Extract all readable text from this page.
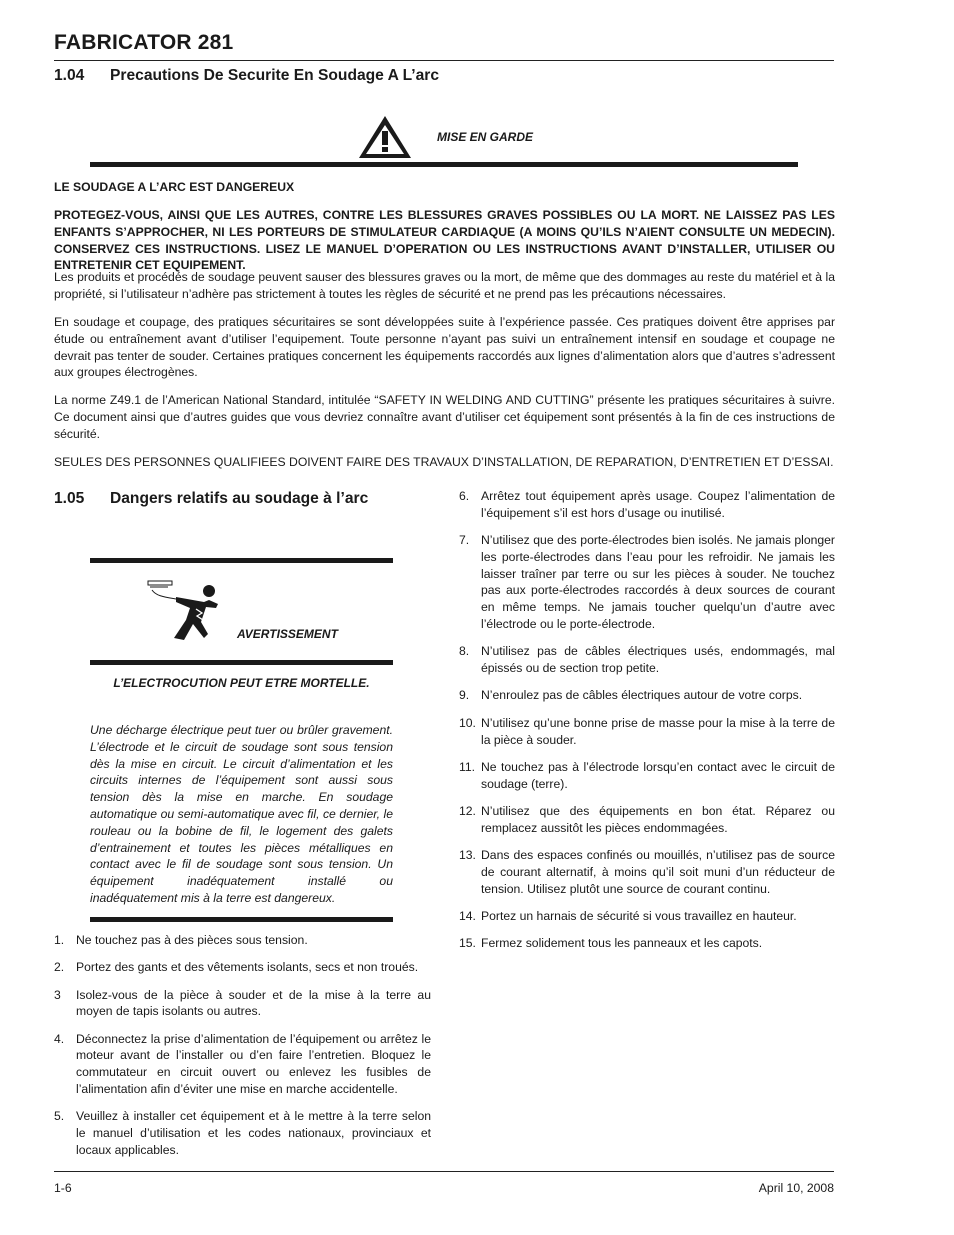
FABRICATOR 281
1.04 Precautions De Securite En Soudage A L’arc
MISE EN GARDE
LE SOUDAGE A L’ARC EST DANGEREUX
PROTEGEZ-VOUS, AINSI QUE LES AUTRES, CONTRE LES BLESSURES GRAVES POSSIBLES OU LA MORT. NE LAISSEZ PAS LES ENFANTS S’APPROCHER, NI LES PORTEURS DE STIMULATEUR CARDIAQUE (A MOINS QU’ILS N’AIENT CONSULTE UN MEDECIN). CONSERVEZ CES INSTRUCTIONS. LISEZ LE MANUEL D’OPERATION OU LES INSTRUCTIONS AVANT D’INSTALLER, UTILISER OU ENTRETENIR CET EQUIPEMENT.
Les produits et procédés de soudage peuvent sauser des blessures graves ou la mort, de même que des dommages au reste du matériel et à la propriété, si l’utilisateur n’adhère pas strictement à toutes les règles de sécurité et ne prend pas les précautions nécessaires.
En soudage et coupage, des pratiques sécuritaires se sont développées suite à l’expérience passée. Ces pratiques doivent être apprises par étude ou entraînement avant d’utiliser l’equipement. Toute personne n’ayant pas suivi un entraînement intensif en soudage et coupage ne devrait pas tenter de souder. Certaines pratiques concernent les équipements raccordés aux lignes d’alimentation alors que d’autres s’adressent aux groupes électrogènes.
La norme Z49.1 de l’American National Standard, intitulée “SAFETY IN WELDING AND CUTTING” présente les pratiques sécuritaires à suivre. Ce document ainsi que d’autres guides que vous devriez connaître avant d’utiliser cet équipement sont présentés à la fin de ces instructions de sécurité.
SEULES DES PERSONNES QUALIFIEES DOIVENT FAIRE DES TRAVAUX D’INSTALLATION, DE REPARATION, D’ENTRETIEN ET D’ESSAI.
1.05 Dangers relatifs au soudage à l’arc
AVERTISSEMENT
L’ELECTROCUTION PEUT ETRE MORTELLE.
Une décharge électrique peut tuer ou brûler gravement. L’électrode et le circuit de soudage sont sous tension dès la mise en circuit. Le circuit d’alimentation et les circuits internes de l’équipement sont aussi sous tension dès la mise en marche. En soudage automatique ou semi-automatique avec fil, ce dernier, le rouleau ou la bobine de fil, le logement des galets d’entrainement et toutes les pièces métalliques en contact avec le fil de soudage sont sous tension. Un équipement inadéquatement installé ou inadéquatement mis à la terre est dangereux.
1. Ne touchez pas à des pièces sous tension.
2. Portez des gants et des vêtements isolants, secs et non troués.
3	Isolez-vous de la pièce à souder et de la mise à la terre au moyen de tapis isolants ou autres.
4. Déconnectez la prise d’alimentation de l’équipement ou arrêtez le moteur avant de l’installer ou d’en faire l’entretien. Bloquez le commutateur en circuit ouvert ou enlevez les fusibles de l’alimentation afin d’éviter une mise en marche accidentelle.
5. Veuillez à installer cet équipement et à le mettre à la terre selon le manuel d’utilisation et les codes nationaux, provinciaux et locaux applicables.
6. Arrêtez tout équipement après usage. Coupez l’alimentation de l’équipement s’il est hors d’usage ou inutilisé.
7. N’utilisez que des porte-électrodes bien isolés. Ne jamais plonger les porte-électrodes dans l’eau pour les refroidir. Ne jamais les laisser traîner par terre ou sur les pièces à souder. Ne touchez pas aux porte-électrodes raccordés à deux sources de courant en même temps. Ne jamais toucher quelqu’un d’autre avec l’électrode ou le porte-électrode.
8. N’utilisez pas de câbles électriques usés, endommagés, mal épissés ou de section trop petite.
9. N’enroulez pas de câbles électriques autour de votre corps.
10. N’utilisez qu’une bonne prise de masse pour la mise à la terre de la pièce à souder.
11. Ne touchez pas à l’électrode lorsqu’en contact avec le circuit de soudage (terre).
12. N’utilisez que des équipements en bon état. Réparez ou remplacez aussitôt les pièces endommagées.
13. Dans des espaces confinés ou mouillés, n’utilisez pas de source de courant alternatif, à moins qu’il soit muni d’un réducteur de tension. Utilisez plutôt une source de courant continu.
14. Portez un harnais de sécurité si vous travaillez en hauteur.
15. Fermez solidement tous les panneaux et les capots.
1-6	April 10, 2008
